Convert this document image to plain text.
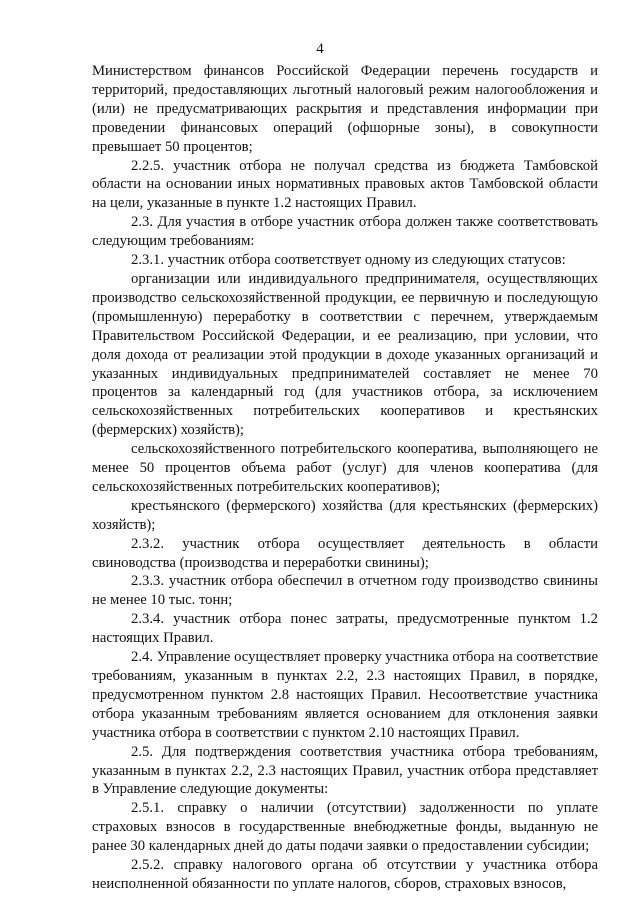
4

Министерством финансов Российской Федерации перечень государств и территорий, предоставляющих льготный налоговый режим налогообложения и (или) не предусматривающих раскрытия и представления информации при проведении финансовых операций (офшорные зоны), в совокупности превышает 50 процентов;

2.2.5. участник отбора не получал средства из бюджета Тамбовской области на основании иных нормативных правовых актов Тамбовской области на цели, указанные в пункте 1.2 настоящих Правил.

2.3. Для участия в отборе участник отбора должен также соответствовать следующим требованиям:

2.3.1. участник отбора соответствует одному из следующих статусов:

организации или индивидуального предпринимателя, осуществляющих производство сельскохозяйственной продукции, ее первичную и последующую (промышленную) переработку в соответствии с перечнем, утверждаемым Правительством Российской Федерации, и ее реализацию, при условии, что доля дохода от реализации этой продукции в доходе указанных организаций и указанных индивидуальных предпринимателей составляет не менее 70 процентов за календарный год (для участников отбора, за исключением сельскохозяйственных потребительских кооперативов и крестьянских (фермерских) хозяйств);

сельскохозяйственного потребительского кооператива, выполняющего не менее 50 процентов объема работ (услуг) для членов кооператива (для сельскохозяйственных потребительских кооперативов);

крестьянского (фермерского) хозяйства (для крестьянских (фермерских) хозяйств);

2.3.2. участник отбора осуществляет деятельность в области свиноводства (производства и переработки свинины);

2.3.3. участник отбора обеспечил в отчетном году производство свинины не менее 10 тыс. тонн;

2.3.4. участник отбора понес затраты, предусмотренные пунктом 1.2 настоящих Правил.

2.4. Управление осуществляет проверку участника отбора на соответствие требованиям, указанным в пунктах 2.2, 2.3 настоящих Правил, в порядке, предусмотренном пунктом 2.8 настоящих Правил. Несоответствие участника отбора указанным требованиям является основанием для отклонения заявки участника отбора в соответствии с пунктом 2.10 настоящих Правил.

2.5. Для подтверждения соответствия участника отбора требованиям, указанным в пунктах 2.2, 2.3 настоящих Правил, участник отбора представляет в Управление следующие документы:

2.5.1. справку о наличии (отсутствии) задолженности по уплате страховых взносов в государственные внебюджетные фонды, выданную не ранее 30 календарных дней до даты подачи заявки о предоставлении субсидии;

2.5.2. справку налогового органа об отсутствии у участника отбора неисполненной обязанности по уплате налогов, сборов, страховых взносов,
